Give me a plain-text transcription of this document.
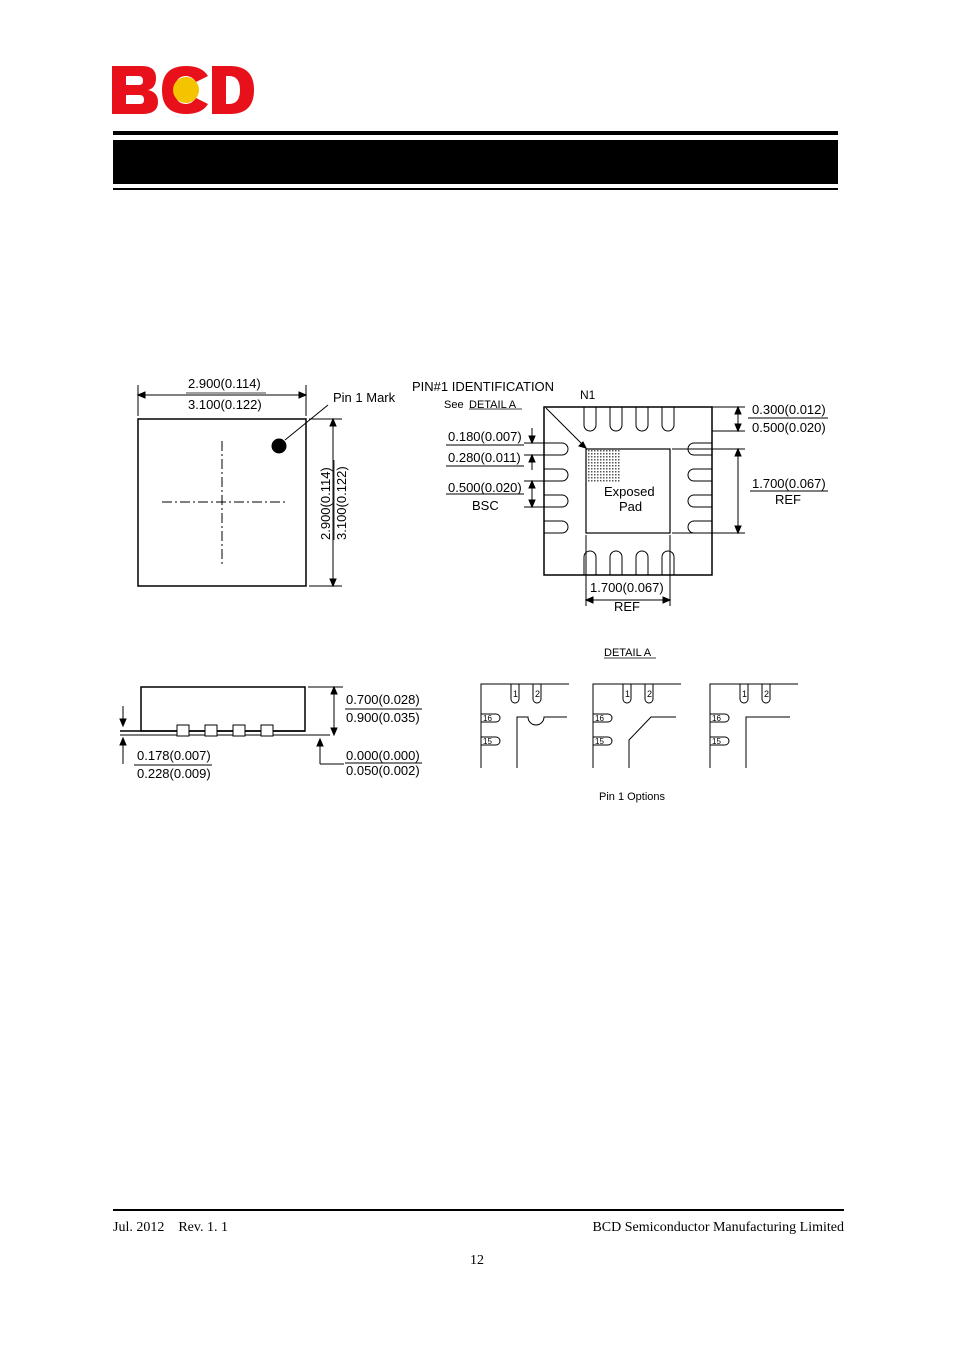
2.900(0.114)
3.100(0.122)	Pin 1 Mark
2.900(0.114) 3.100(0.122)
PIN#1 IDENTIFICATION
See DETAIL A
N1
Exposed
Pad
0.180(0.007)
0.280(0.011)
0.500(0.020)
BSC
0.300(0.012)
0.500(0.020)
1.700(0.067)
REF
1.700(0.067)
REF
0.178(0.007)
0.228(0.009)
0.700(0.028)
0.900(0.035)
0.000(0.000)
0.050(0.002)
DETAIL A
1 2
16
15
1 2
16
15
1 2
16
15
Pin 1 Options
Jul. 2012    Rev. 1. 1	BCD Semiconductor Manufacturing Limited
12
